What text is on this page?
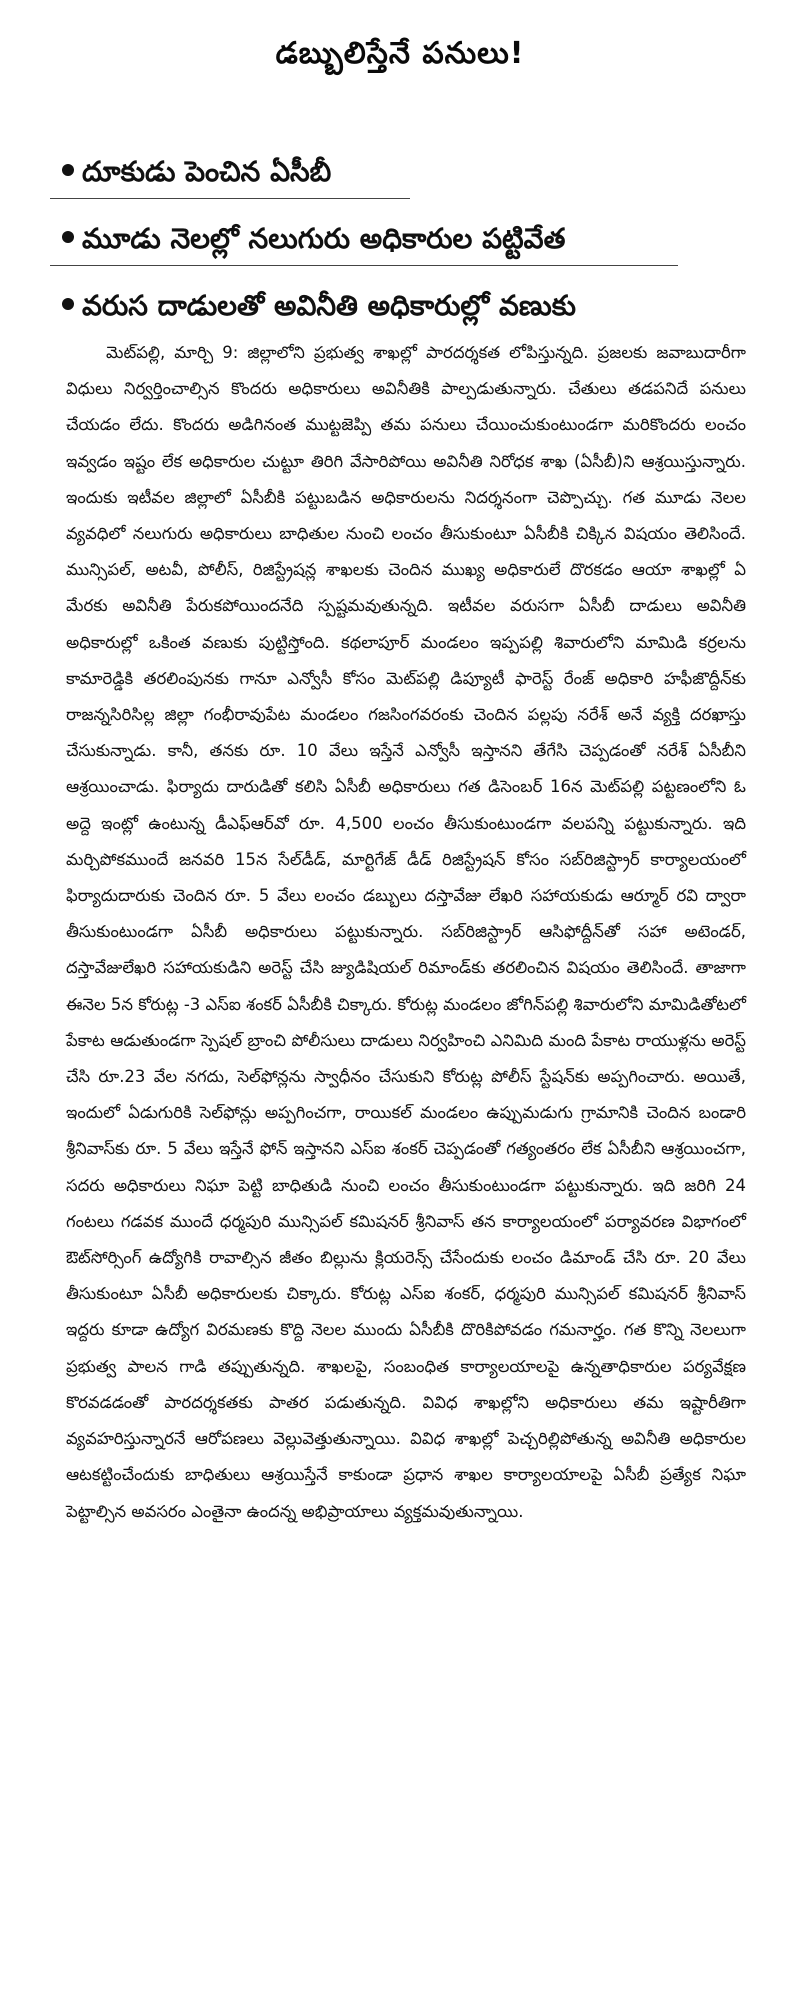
డబ్బులిస్తేనే పనులు!
దూకుడు పెంచిన ఏసీబీ
మూడు నెలల్లో నలుగురు అధికారుల పట్టివేత
వరుస దాడులతో అవినీతి అధికారుల్లో వణుకు

మెట్‌పల్లి, మార్చి 9: జిల్లాలోని ప్రభుత్వ శాఖల్లో పారదర్శకత లోపిస్తున్నది. ప్రజలకు జవాబుదారీగా విధులు నిర్వర్తించాల్సిన కొందరు అధికారులు అవినీతికి పాల్పడుతున్నారు. చేతులు తడపనిదే పనులు చేయడం లేదు. కొందరు అడిగినంత ముట్టజెప్పి తమ పనులు చేయించుకుంటుండగా మరికొందరు లంచం ఇవ్వడం ఇష్టం లేక అధికారుల చుట్టూ తిరిగి వేసారిపోయి అవినీతి నిరోధక శాఖ (ఏసీబీ)ని ఆశ్రయిస్తున్నారు. ఇందుకు ఇటీవల జిల్లాలో ఏసీబీకి పట్టుబడిన అధికారులను నిదర్శనంగా చెప్పొచ్చు. గత మూడు నెలల వ్యవధిలో నలుగురు అధికారులు బాధితుల నుంచి లంచం తీసుకుంటూ ఏసీబీకి చిక్కిన విషయం తెలిసిందే. మున్సిపల్, అటవీ, పోలీస్, రిజిస్ట్రేషన్ల శాఖలకు చెందిన ముఖ్య అధికారులే దొరకడం ఆయా శాఖల్లో ఏ మేరకు అవినీతి పేరుకపోయిందనేది స్పష్టమవుతున్నది. ఇటీవల వరుసగా ఏసీబీ దాడులు అవినీతి అధికారుల్లో ఒకింత వణుకు పుట్టిస్తోంది. కథలాపూర్ మండలం ఇప్పపల్లి శివారులోని మామిడి కర్రలను కామారెడ్డికి తరలింపునకు గానూ ఎన్వోసీ కోసం మెట్‌పల్లి డిప్యూటీ ఫారెస్ట్ రేంజ్ అధికారి హఫీజొద్దీన్‌కు రాజన్నసిరిసిల్ల జిల్లా గంభీరావుపేట మండలం గజసింగవరంకు చెందిన పల్లపు నరేశ్ అనే వ్యక్తి దరఖాస్తు చేసుకున్నాడు. కానీ, తనకు రూ. 10 వేలు ఇస్తేనే ఎన్వోసీ ఇస్తానని తేగేసి చెప్పడంతో నరేశ్ ఏసీబీని ఆశ్రయించాడు. ఫిర్యాదు దారుడితో కలిసి ఏసీబీ అధికారులు గత డిసెంబర్ 16న మెట్‌పల్లి పట్టణంలోని ఓ అద్దె ఇంట్లో ఉంటున్న డీఎఫ్ఆర్‌వో రూ. 4,500 లంచం తీసుకుంటుండగా వలపన్ని పట్టుకున్నారు. ఇది మర్చిపోకముందే జనవరి 15న సేల్‌డీడ్, మార్టిగేజ్ డీడ్ రిజిస్ట్రేషన్ కోసం సబ్‌రిజిస్ట్రార్ కార్యాలయంలో ఫిర్యాదుదారుకు చెందిన రూ. 5 వేలు లంచం డబ్బులు దస్తావేజు లేఖరి సహాయకుడు ఆర్మూర్ రవి ద్వారా తీసుకుంటుండగా ఏసీబీ అధికారులు పట్టుకున్నారు. సబ్‌రిజిస్ట్రార్ ఆసిఫోద్దీన్‌తో సహా అటెండర్, దస్తావేజులేఖరి సహాయకుడిని అరెస్ట్ చేసి జ్యుడిషియల్ రిమాండ్‌కు తరలించిన విషయం తెలిసిందే. తాజాగా ఈనెల 5న కోరుట్ల -3 ఎస్ఐ శంకర్ ఏసీబీకి చిక్కారు. కోరుట్ల మండలం జోగిన్‌పల్లి శివారులోని మామిడితోటలో పేకాట ఆడుతుండగా స్పెషల్ బ్రాంచి పోలీసులు దాడులు నిర్వహించి ఎనిమిది మంది పేకాట రాయుళ్లను అరెస్ట్ చేసి రూ.23 వేల నగదు, సెల్‌ఫోన్లను స్వాధీనం చేసుకుని కోరుట్ల పోలీస్ స్టేషన్‌కు అప్పగించారు. అయితే, ఇందులో ఏడుగురికి సెల్‌ఫోన్లు అప్పగించగా, రాయికల్ మండలం ఉప్పుమడుగు గ్రామానికి చెందిన బండారి శ్రీనివాస్‌కు రూ. 5 వేలు ఇస్తేనే ఫోన్ ఇస్తానని ఎస్ఐ శంకర్ చెప్పడంతో గత్యంతరం లేక ఏసీబీని ఆశ్రయించగా, సదరు అధికారులు నిఘా పెట్టి బాధితుడి నుంచి లంచం తీసుకుంటుండగా పట్టుకున్నారు. ఇది జరిగి 24 గంటలు గడవక ముందే ధర్మపురి మున్సిపల్ కమిషనర్ శ్రీనివాస్ తన కార్యాలయంలో పర్యావరణ విభాగంలో ఔట్‌సోర్సింగ్ ఉద్యోగికి రావాల్సిన జీతం బిల్లును క్లియరెన్స్ చేసేందుకు లంచం డిమాండ్ చేసి రూ. 20 వేలు తీసుకుంటూ ఏసీబీ అధికారులకు చిక్కారు. కోరుట్ల ఎస్ఐ శంకర్, ధర్మపురి మున్సిపల్ కమిషనర్ శ్రీనివాస్ ఇద్దరు కూడా ఉద్యోగ విరమణకు కొద్ది నెలల ముందు ఏసీబీకి దొరికిపోవడం గమనార్హం. గత కొన్ని నెలలుగా ప్రభుత్వ పాలన గాడి తప్పుతున్నది. శాఖలపై, సంబంధిత కార్యాలయాలపై ఉన్నతాధికారుల పర్యవేక్షణ కొరవడడంతో పారదర్శకతకు పాతర పడుతున్నది. వివిధ శాఖల్లోని అధికారులు తమ ఇష్టారీతిగా వ్యవహరిస్తున్నారనే ఆరోపణలు వెల్లువెత్తుతున్నాయి. వివిధ శాఖల్లో పెచ్చరిల్లిపోతున్న అవినీతి అధికారుల ఆటకట్టించేందుకు బాధితులు ఆశ్రయిస్తేనే కాకుండా ప్రధాన శాఖల కార్యాలయాలపై ఏసీబీ ప్రత్యేక నిఘా పెట్టాల్సిన అవసరం ఎంతైనా ఉందన్న అభిప్రాయాలు వ్యక్తమవుతున్నాయి.
